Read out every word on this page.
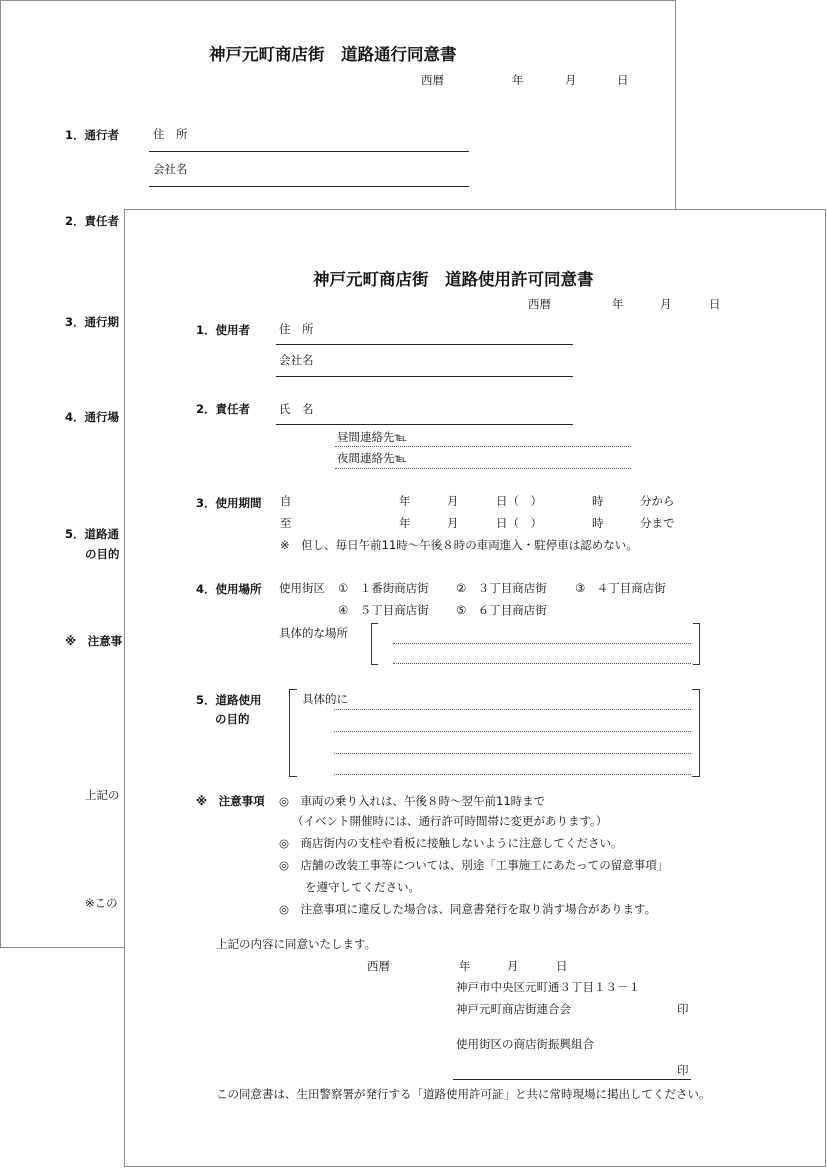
神戸元町商店街　道路通行同意書
西暦	年	月	日
1．通行者	住　所
会社名
2．責任者
3．通行期
4．通行場
5．道路通
の目的
※　注意事
上記の
※この
神戸元町商店街　道路使用許可同意書
西暦	年	月	日
1．使用者	住　所
会社名
2．責任者	氏　名
昼間連絡先℡
夜間連絡先℡
3．使用期間 自	年	月	日（　）	時	分から
至	年	月	日（　）	時	分まで
※　但し、毎日午前11時～午後８時の車両進入・駐停車は認めない。
4．使用場所 使用街区 ①　１番街商店街 ②　３丁目商店街 ③　４丁目商店街
④　５丁目商店街 ⑤　６丁目商店街
具体的な場所
5．道路使用
の目的
具体的に
※　注意事項 ◎　車両の乗り入れは、午後８時～翌午前11時まで
（イベント開催時には、通行許可時間帯に変更があります。）
◎　商店街内の支柱や看板に接触しないように注意してください。
◎　店舗の改装工事等については、別途「工事施工にあたっての留意事項」
を遵守してください。
◎　注意事項に違反した場合は、同意書発行を取り消す場合があります。
上記の内容に同意いたします。
西暦	年	月	日
神戸市中央区元町通３丁目１３－１
神戸元町商店街連合会	印
使用街区の商店街振興組合
印
この同意書は、生田警察署が発行する「道路使用許可証」と共に常時現場に掲出してください。
